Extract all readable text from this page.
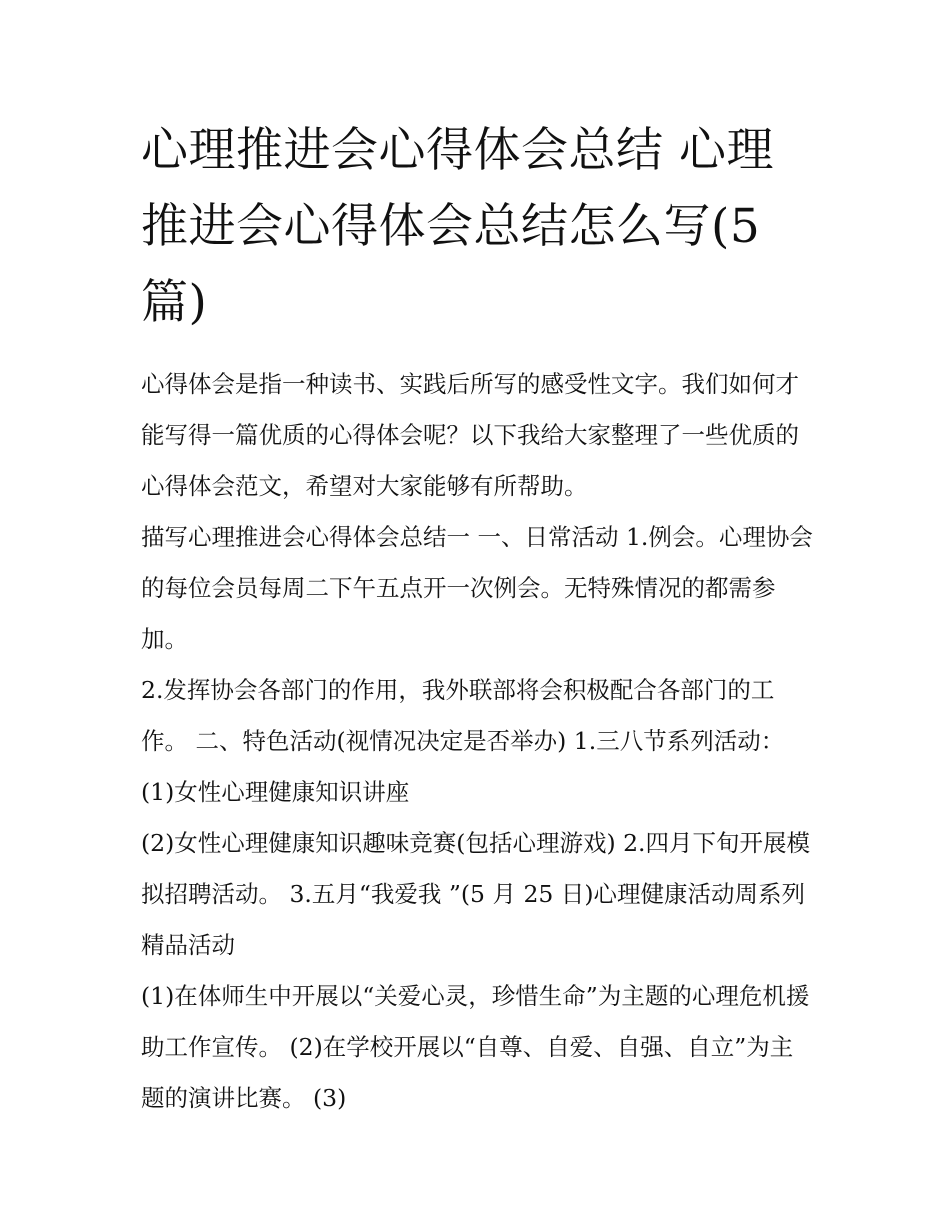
心理推进会心得体会总结 心理推进会心得体会总结怎么写(5篇)

心得体会是指一种读书、实践后所写的感受性文字。我们如何才能写得一篇优质的心得体会呢？以下我给大家整理了一些优质的心得体会范文，希望对大家能够有所帮助。

描写心理推进会心得体会总结一 一、日常活动 1.例会。心理协会的每位会员每周二下午五点开一次例会。无特殊情况的都需参加。

2.发挥协会各部门的作用，我外联部将会积极配合各部门的工作。 二、特色活动(视情况决定是否举办) 1.三八节系列活动：

(1)女性心理健康知识讲座

(2)女性心理健康知识趣味竞赛(包括心理游戏) 2.四月下旬开展模拟招聘活动。 3.五月“我爱我 ”(5 月 25 日)心理健康活动周系列精品活动

(1)在体师生中开展以“关爱心灵，珍惜生命”为主题的心理危机援助工作宣传。 (2)在学校开展以“自尊、自爱、自强、自立”为主题的演讲比赛。 (3)
